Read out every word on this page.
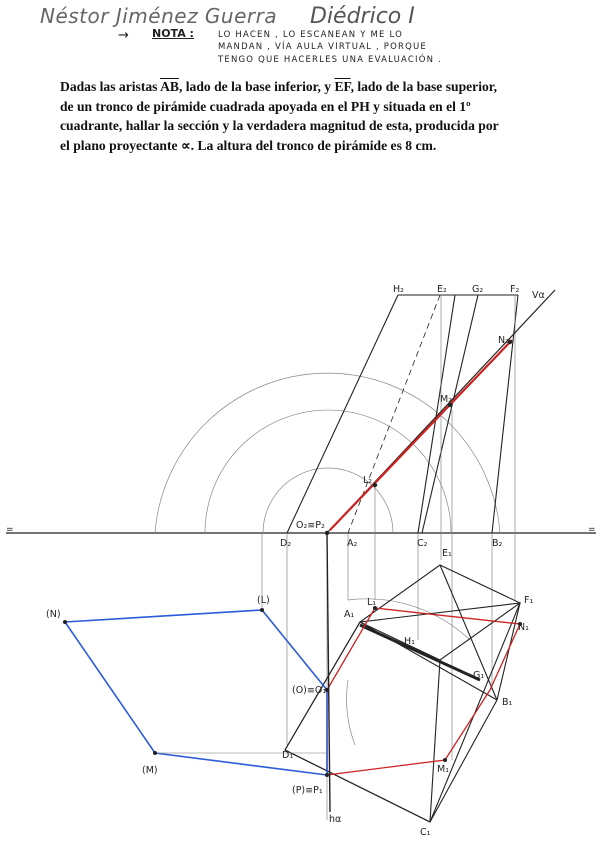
Néstor Jiménez Guerra Diédrico I
→ NOTA :	LO HACEN , LO ESCANEAN Y ME LO
MANDAN , VÍA AULA VIRTUAL , PORQUE
TENGO QUE HACERLES UNA EVALUACIÓN .

Dadas las aristas $\overline{AB}$, lado de la base inferior, y $\overline{EF}$, lado de la base superior, de un tronco de pirámide cuadrada apoyada en el PH y situada en el 1º cuadrante, hallar la sección y la verdadera magnitud de esta, producida por el plano proyectante ∝. La altura del tronco de pirámide es 8 cm.

=	=
H₂	E₂	G₂	F₂
Vα
N₂
M₂
L₂
O₂≡P₂
D₂	A₂	C₂	B₂
E₁
F₁
A₁
L₁
N₁
H₁
G₁
B₁
(O)≡O₁
D₁
M₁
(P)≡P₁
C₁
hα
(N)
(L)
(M)
